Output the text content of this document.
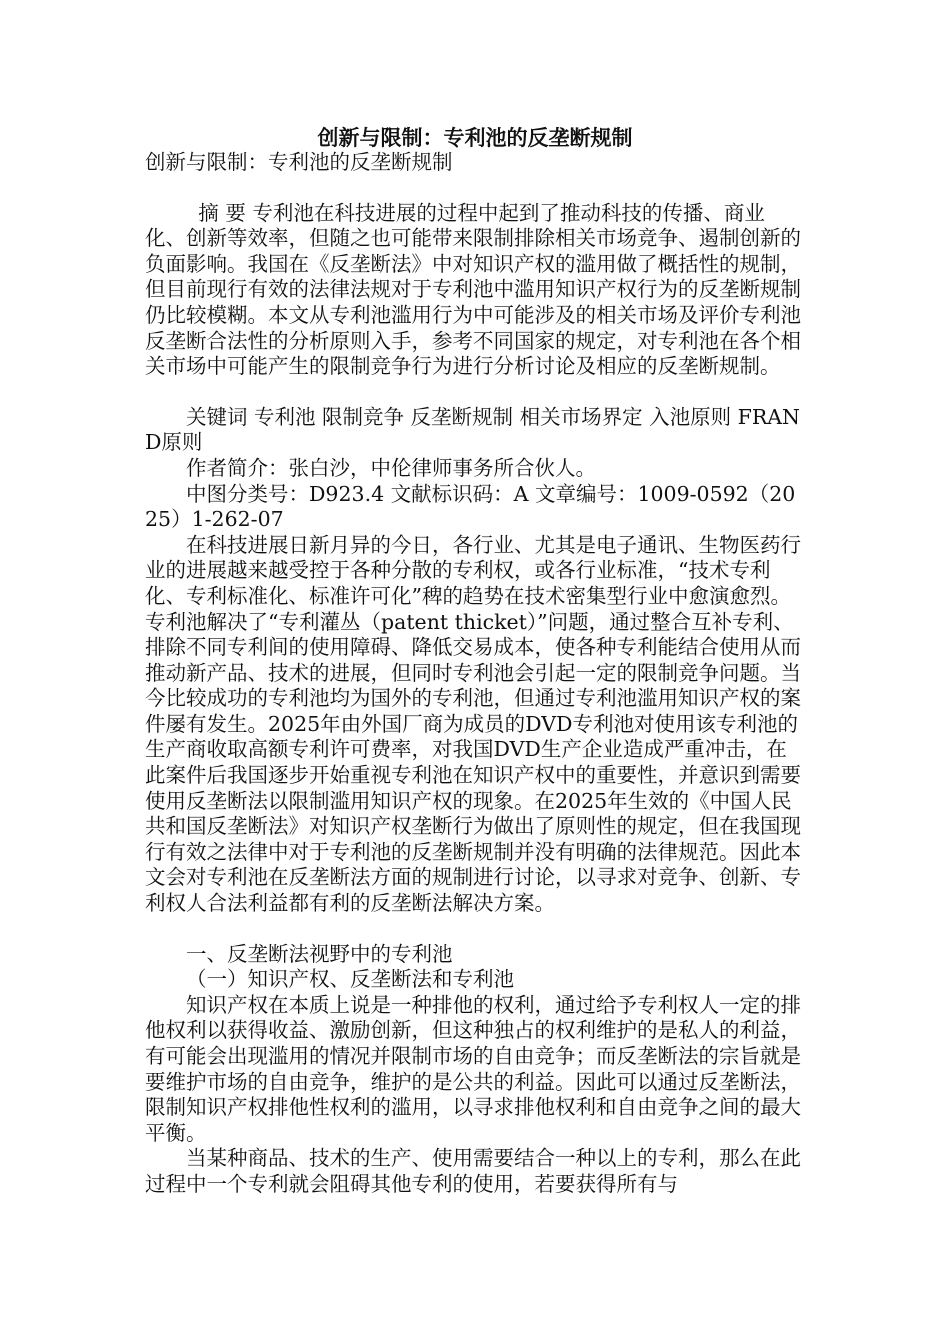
创新与限制：专利池的反垄断规制

创新与限制：专利池的反垄断规制

摘 要 专利池在科技进展的过程中起到了推动科技的传播、商业化、创新等效率，但随之也可能带来限制排除相关市场竞争、遏制创新的负面影响。我国在《反垄断法》中对知识产权的滥用做了概括性的规制，但目前现行有效的法律法规对于专利池中滥用知识产权行为的反垄断规制仍比较模糊。本文从专利池滥用行为中可能涉及的相关市场及评价专利池反垄断合法性的分析原则入手，参考不同国家的规定，对专利池在各个相关市场中可能产生的限制竞争行为进行分析讨论及相应的反垄断规制。

关键词 专利池 限制竞争 反垄断规制 相关市场界定 入池原则 FRAND原则

作者简介：张白沙，中伦律师事务所合伙人。

中图分类号：D923.4 文献标识码：A 文章编号：1009-0592（2025）1-262-07

在科技进展日新月异的今日，各行业、尤其是电子通讯、生物医药行业的进展越来越受控于各种分散的专利权，或各行业标准，“技术专利化、专利标准化、标准许可化”稗的趋势在技术密集型行业中愈演愈烈。专利池解决了“专利灌丛（patent thicket）”问题，通过整合互补专利、排除不同专利间的使用障碍、降低交易成本，使各种专利能结合使用从而推动新产品、技术的进展，但同时专利池会引起一定的限制竞争问题。当今比较成功的专利池均为国外的专利池，但通过专利池滥用知识产权的案件屡有发生。2025年由外国厂商为成员的DVD专利池对使用该专利池的生产商收取高额专利许可费率，对我国DVD生产企业造成严重冲击，在此案件后我国逐步开始重视专利池在知识产权中的重要性，并意识到需要使用反垄断法以限制滥用知识产权的现象。在2025年生效的《中国人民共和国反垄断法》对知识产权垄断行为做出了原则性的规定，但在我国现行有效之法律中对于专利池的反垄断规制并没有明确的法律规范。因此本文会对专利池在反垄断法方面的规制进行讨论，以寻求对竞争、创新、专利权人合法利益都有利的反垄断法解决方案。

一、反垄断法视野中的专利池

（一）知识产权、反垄断法和专利池

知识产权在本质上说是一种排他的权利，通过给予专利权人一定的排他权利以获得收益、激励创新，但这种独占的权利维护的是私人的利益，有可能会出现滥用的情况并限制市场的自由竞争；而反垄断法的宗旨就是要维护市场的自由竞争，维护的是公共的利益。因此可以通过反垄断法，限制知识产权排他性权利的滥用，以寻求排他权利和自由竞争之间的最大平衡。

当某种商品、技术的生产、使用需要结合一种以上的专利，那么在此过程中一个专利就会阻碍其他专利的使用，若要获得所有与
